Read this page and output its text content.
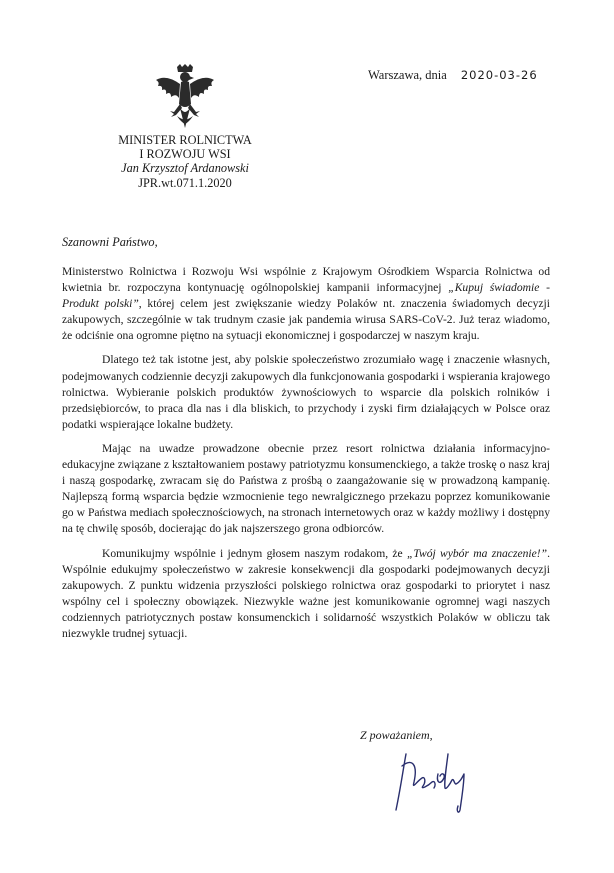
Warszawa, dnia 2020-03-26
MINISTER ROLNICTWA
I ROZWOJU WSI
Jan Krzysztof Ardanowski
JPR.wt.071.1.2020
Szanowni Państwo,

Ministerstwo Rolnictwa i Rozwoju Wsi wspólnie z Krajowym Ośrodkiem Wsparcia Rolnictwa od kwietnia br. rozpoczyna kontynuację ogólnopolskiej kampanii informacyjnej „Kupuj świadomie - Produkt polski”, której celem jest zwiększanie wiedzy Polaków nt. znaczenia świadomych decyzji zakupowych, szczególnie w tak trudnym czasie jak pandemia wirusa SARS-CoV-2. Już teraz wiadomo, że odciśnie ona ogromne piętno na sytuacji ekonomicznej i gospodarczej w naszym kraju.

Dlatego też tak istotne jest, aby polskie społeczeństwo zrozumiało wagę i znaczenie własnych, podejmowanych codziennie decyzji zakupowych dla funkcjonowania gospodarki i wspierania krajowego rolnictwa. Wybieranie polskich produktów żywnościowych to wsparcie dla polskich rolników i przedsiębiorców, to praca dla nas i dla bliskich, to przychody i zyski firm działających w Polsce oraz podatki wspierające lokalne budżety.

Mając na uwadze prowadzone obecnie przez resort rolnictwa działania informacyjno-edukacyjne związane z kształtowaniem postawy patriotyzmu konsumenckiego, a także troskę o nasz kraj i naszą gospodarkę, zwracam się do Państwa z prośbą o zaangażowanie się w prowadzoną kampanię. Najlepszą formą wsparcia będzie wzmocnienie tego newralgicznego przekazu poprzez komunikowanie go w Państwa mediach społecznościowych, na stronach internetowych oraz w każdy możliwy i dostępny na tę chwilę sposób, docierając do jak najszerszego grona odbiorców.

Komunikujmy wspólnie i jednym głosem naszym rodakom, że „Twój wybór ma znaczenie!”. Wspólnie edukujmy społeczeństwo w zakresie konsekwencji dla gospodarki podejmowanych decyzji zakupowych. Z punktu widzenia przyszłości polskiego rolnictwa oraz gospodarki to priorytet i nasz wspólny cel i społeczny obowiązek. Niezwykle ważne jest komunikowanie ogromnej wagi naszych codziennych patriotycznych postaw konsumenckich i solidarność wszystkich Polaków w obliczu tak niezwykle trudnej sytuacji.

Z poważaniem,
